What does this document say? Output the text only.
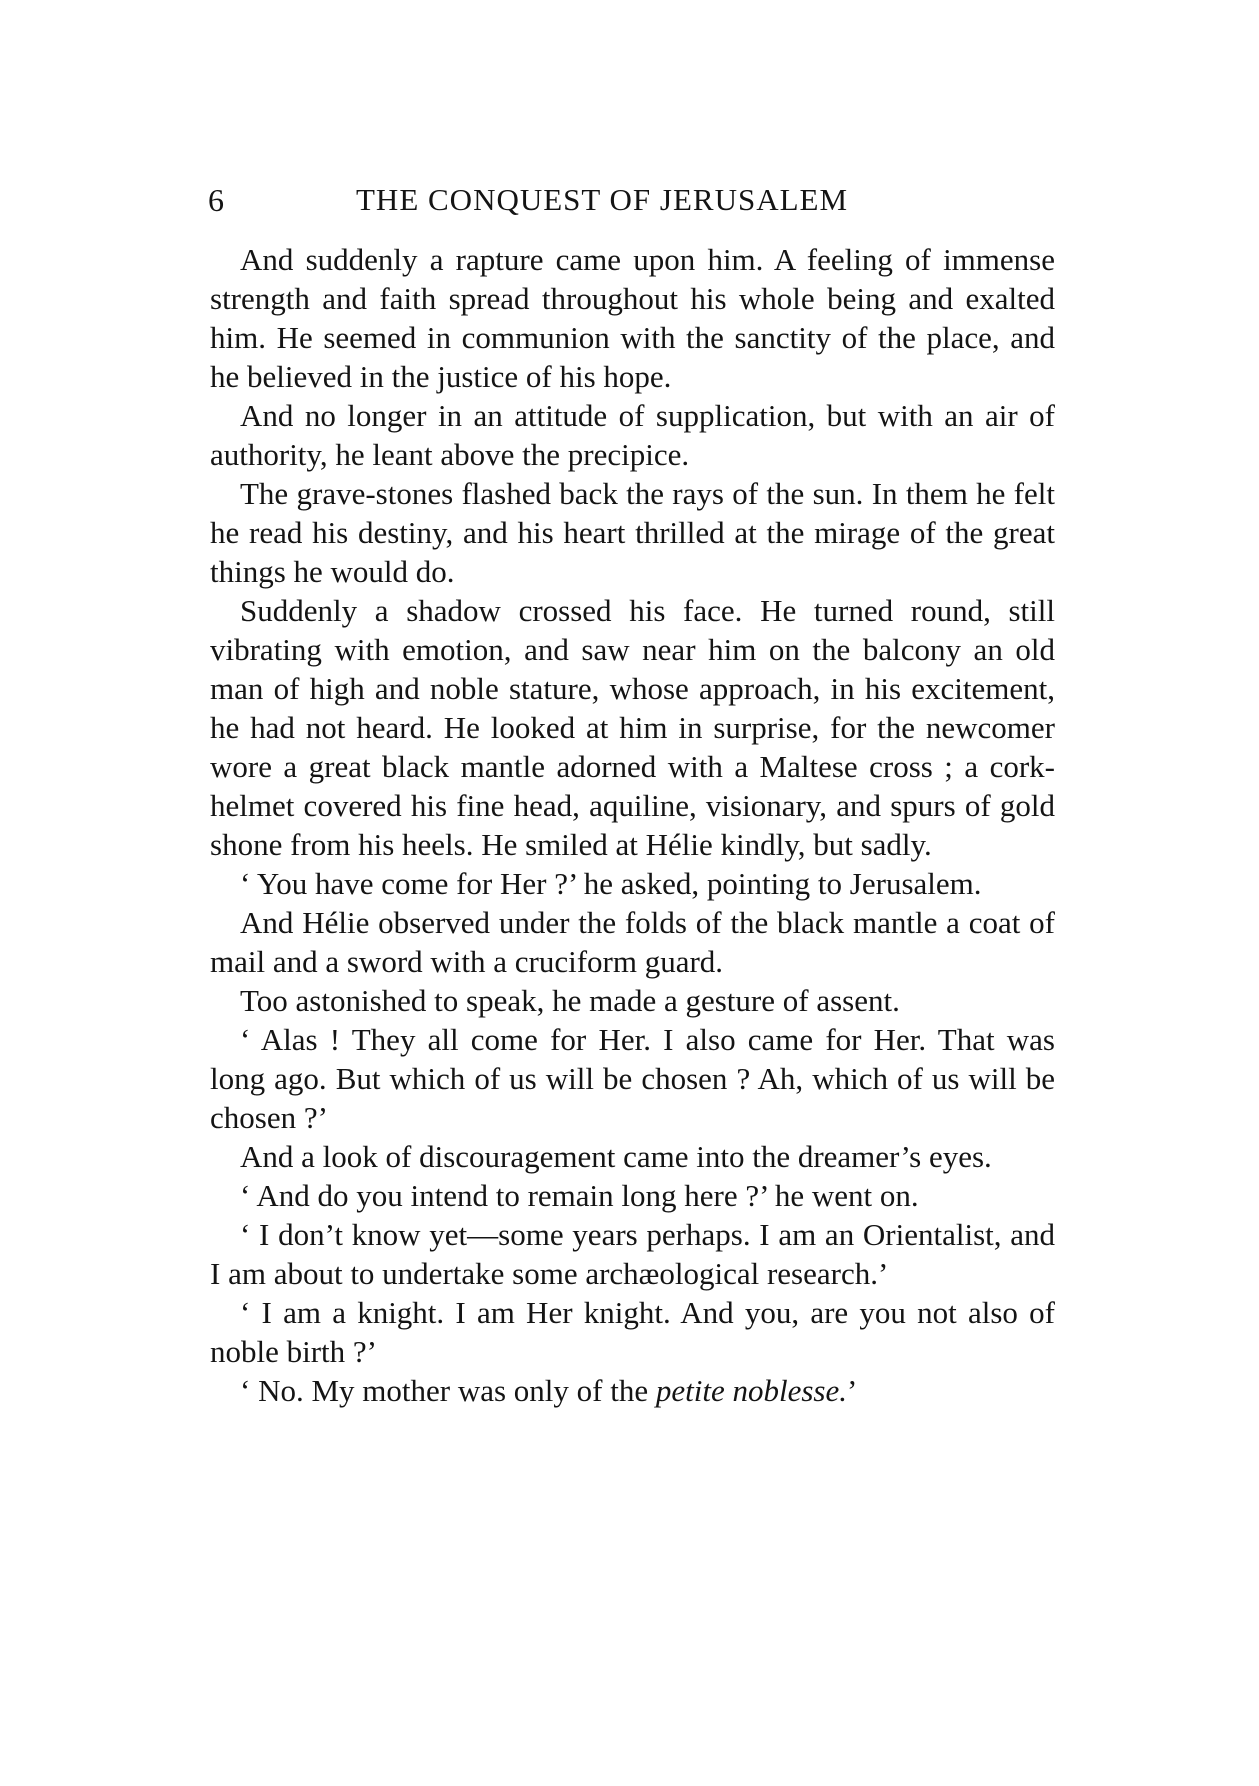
6	THE CONQUEST OF JERUSALEM

And suddenly a rapture came upon him. A feeling of immense strength and faith spread throughout his whole being and exalted him. He seemed in communion with the sanctity of the place, and he believed in the justice of his hope.

And no longer in an attitude of supplication, but with an air of authority, he leant above the precipice.

The grave-stones flashed back the rays of the sun. In them he felt he read his destiny, and his heart thrilled at the mirage of the great things he would do.

Suddenly a shadow crossed his face. He turned round, still vibrating with emotion, and saw near him on the balcony an old man of high and noble stature, whose approach, in his excitement, he had not heard. He looked at him in surprise, for the newcomer wore a great black mantle adorned with a Maltese cross ; a cork-helmet covered his fine head, aquiline, visionary, and spurs of gold shone from his heels. He smiled at Hélie kindly, but sadly.

‘ You have come for Her ?’ he asked, pointing to Jerusalem.

And Hélie observed under the folds of the black mantle a coat of mail and a sword with a cruciform guard.

Too astonished to speak, he made a gesture of assent.

‘ Alas ! They all come for Her. I also came for Her. That was long ago. But which of us will be chosen ? Ah, which of us will be chosen ?’

And a look of discouragement came into the dreamer’s eyes.

‘ And do you intend to remain long here ?’ he went on.

‘ I don’t know yet—some years perhaps. I am an Orientalist, and I am about to undertake some archæological research.’

‘ I am a knight. I am Her knight. And you, are you not also of noble birth ?’

‘ No. My mother was only of the petite noblesse.’
